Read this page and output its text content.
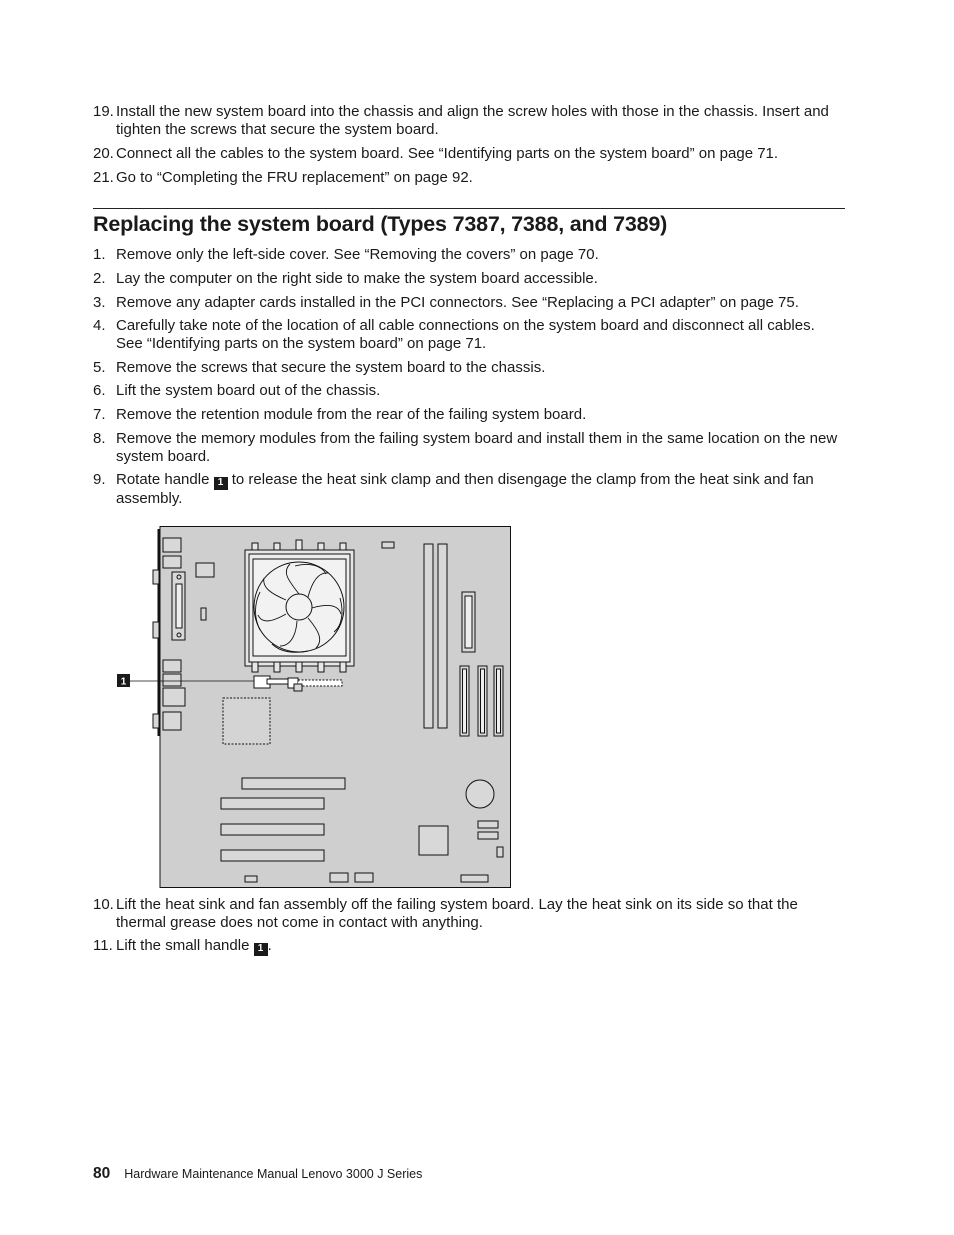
19. Install the new system board into the chassis and align the screw holes with those in the chassis. Insert and tighten the screws that secure the system board.
20. Connect all the cables to the system board. See “Identifying parts on the system board” on page 71.
21. Go to “Completing the FRU replacement” on page 92.
Replacing the system board (Types 7387, 7388, and 7389)
1. Remove only the left-side cover. See “Removing the covers” on page 70.
2. Lay the computer on the right side to make the system board accessible.
3. Remove any adapter cards installed in the PCI connectors. See “Replacing a PCI adapter” on page 75.
4. Carefully take note of the location of all cable connections on the system board and disconnect all cables. See “Identifying parts on the system board” on page 71.
5. Remove the screws that secure the system board to the chassis.
6. Lift the system board out of the chassis.
7. Remove the retention module from the rear of the failing system board.
8. Remove the memory modules from the failing system board and install them in the same location on the new system board.
9. Rotate handle 1 to release the heat sink clamp and then disengage the clamp from the heat sink and fan assembly.
1
10. Lift the heat sink and fan assembly off the failing system board. Lay the heat sink on its side so that the thermal grease does not come in contact with anything.
11. Lift the small handle 1 .
80 Hardware Maintenance Manual Lenovo 3000 J Series
